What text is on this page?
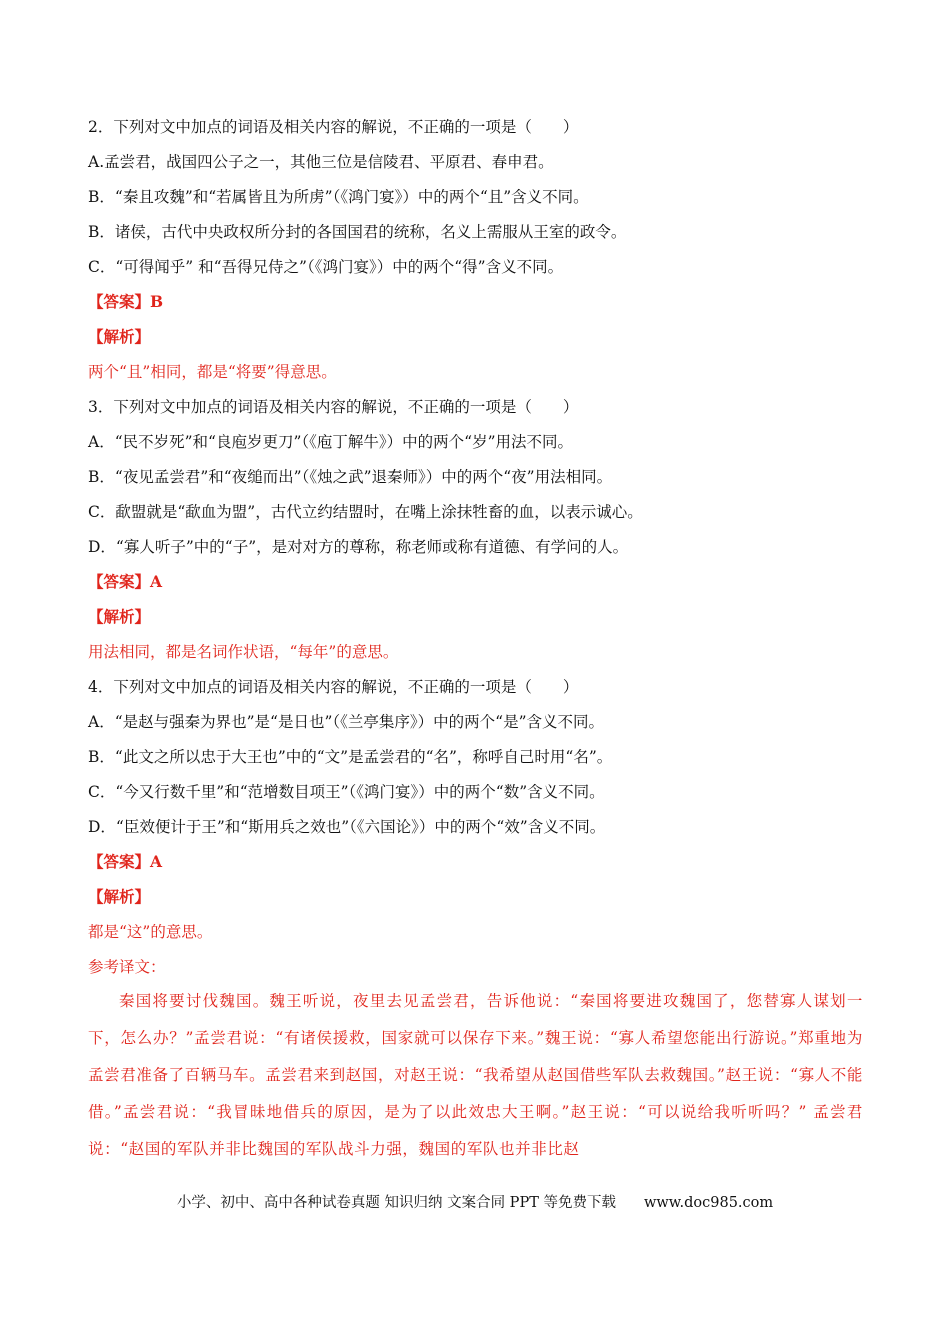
2．下列对文中加点的词语及相关内容的解说，不正确的一项是（　　）
A.孟尝君，战国四公子之一，其他三位是信陵君、平原君、春申君。
B．“秦且攻魏”和“若属皆且为所虏”（《鸿门宴》）中的两个“且”含义不同。
B．诸侯，古代中央政权所分封的各国国君的统称，名义上需服从王室的政令。
C．“可得闻乎” 和“吾得兄侍之”（《鸿门宴》）中的两个“得”含义不同。
【答案】B
【解析】
两个“且”相同，都是“将要”得意思。
3．下列对文中加点的词语及相关内容的解说，不正确的一项是（　　）
A．“民不岁死”和“良庖岁更刀”（《庖丁解牛》）中的两个“岁”用法不同。
B．“夜见孟尝君”和“夜缒而出”（《烛之武”退秦师》）中的两个“夜”用法相同。
C．歃盟就是“歃血为盟”，古代立约结盟时，在嘴上涂抹牲畜的血，以表示诚心。
D．“寡人听子”中的“子”，是对对方的尊称，称老师或称有道德、有学问的人。
【答案】A
【解析】
用法相同，都是名词作状语，“每年”的意思。
4．下列对文中加点的词语及相关内容的解说，不正确的一项是（　　）
A．“是赵与强秦为界也”是“是日也”（《兰亭集序》）中的两个“是”含义不同。
B．“此文之所以忠于大王也”中的“文”是孟尝君的“名”，称呼自己时用“名”。
C．“今又行数千里”和“范增数目项王”（《鸿门宴》）中的两个“数”含义不同。
D．“臣效便计于王”和“斯用兵之效也”（《六国论》）中的两个“效”含义不同。
【答案】A
【解析】
都是“这”的意思。
参考译文：

秦国将要讨伐魏国。魏王听说，夜里去见孟尝君，告诉他说：“秦国将要进攻魏国了，您替寡人谋划一下，怎么办？”孟尝君说：“有诸侯援救，国家就可以保存下来。”魏王说：“寡人希望您能出行游说。”郑重地为孟尝君准备了百辆马车。孟尝君来到赵国，对赵王说：“我希望从赵国借些军队去救魏国。”赵王说：“寡人不能借。”孟尝君说：“我冒昧地借兵的原因，是为了以此效忠大王啊。”赵王说：“可以说给我听听吗？” 孟尝君说：“赵国的军队并非比魏国的军队战斗力强，魏国的军队也并非比赵

小学、初中、高中各种试卷真题 知识归纳 文案合同 PPT 等免费下载 www.doc985.com
